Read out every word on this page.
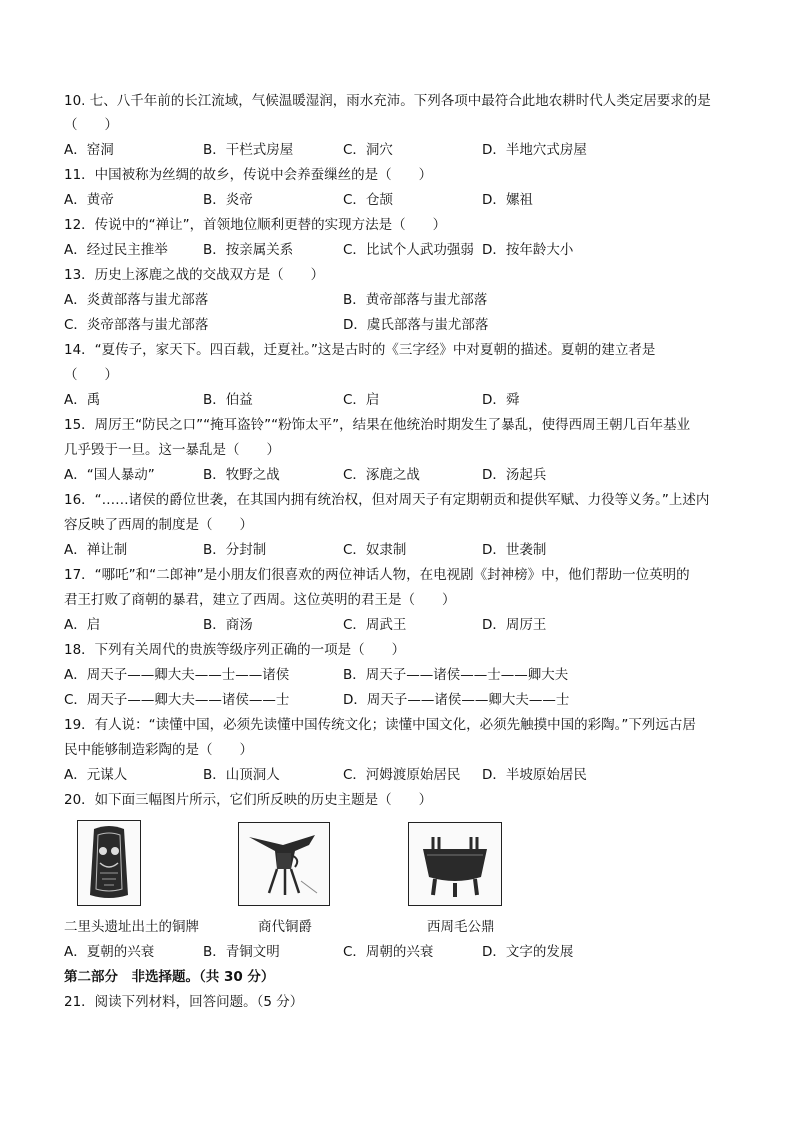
10. 七、八千年前的长江流域，气候温暖湿润，雨水充沛。下列各项中最符合此地农耕时代人类定居要求的是
（　　）
A．窑洞	B．干栏式房屋	C．洞穴	D．半地穴式房屋
11．中国被称为丝绸的故乡，传说中会养蚕缫丝的是（　　）
A．黄帝	B．炎帝	C．仓颉	D．嫘祖
12．传说中的“禅让”，首领地位顺利更替的实现方法是（　　）
A．经过民主推举	B．按亲属关系	C．比试个人武功强弱 D．按年龄大小
13．历史上涿鹿之战的交战双方是（　　）
A．炎黄部落与蚩尤部落	B．黄帝部落与蚩尤部落
C．炎帝部落与蚩尤部落	D．虞氏部落与蚩尤部落
14．“夏传子，家天下。四百载，迁夏社。”这是古时的《三字经》中对夏朝的描述。夏朝的建立者是
（　　）
A．禹	B．伯益	C．启	D．舜
15．周厉王“防民之口”“掩耳盗铃”“粉饰太平”，结果在他统治时期发生了暴乱，使得西周王朝几百年基业
几乎毁于一旦。这一暴乱是（　　）
A．“国人暴动”	B．牧野之战	C．涿鹿之战	D．汤起兵
16．“……诸侯的爵位世袭，在其国内拥有统治权，但对周天子有定期朝贡和提供军赋、力役等义务。”上述内
容反映了西周的制度是（　　）
A．禅让制	B．分封制	C．奴隶制	D．世袭制
17．“哪吒”和“二郎神”是小朋友们很喜欢的两位神话人物，在电视剧《封神榜》中，他们帮助一位英明的
君王打败了商朝的暴君，建立了西周。这位英明的君王是（　　）
A．启	B．商汤	C．周武王	D．周厉王
18．下列有关周代的贵族等级序列正确的一项是（　　）
A．周天子——卿大夫——士——诸侯	B．周天子——诸侯——士——卿大夫
C．周天子——卿大夫——诸侯——士	D．周天子——诸侯——卿大夫——士
19．有人说：“读懂中国，必须先读懂中国传统文化；读懂中国文化，必须先触摸中国的彩陶。”下列远古居
民中能够制造彩陶的是（　　）
A．元谋人	B．山顶洞人	C．河姆渡原始居民 D．半坡原始居民
20．如下面三幅图片所示，它们所反映的历史主题是（　　）
二里头遗址出土的铜牌	商代铜爵	西周毛公鼎
A．夏朝的兴衰	B．青铜文明	C．周朝的兴衰	D．文字的发展
第二部分　非选择题。（共 30 分）
21．阅读下列材料，回答问题。（5 分）
